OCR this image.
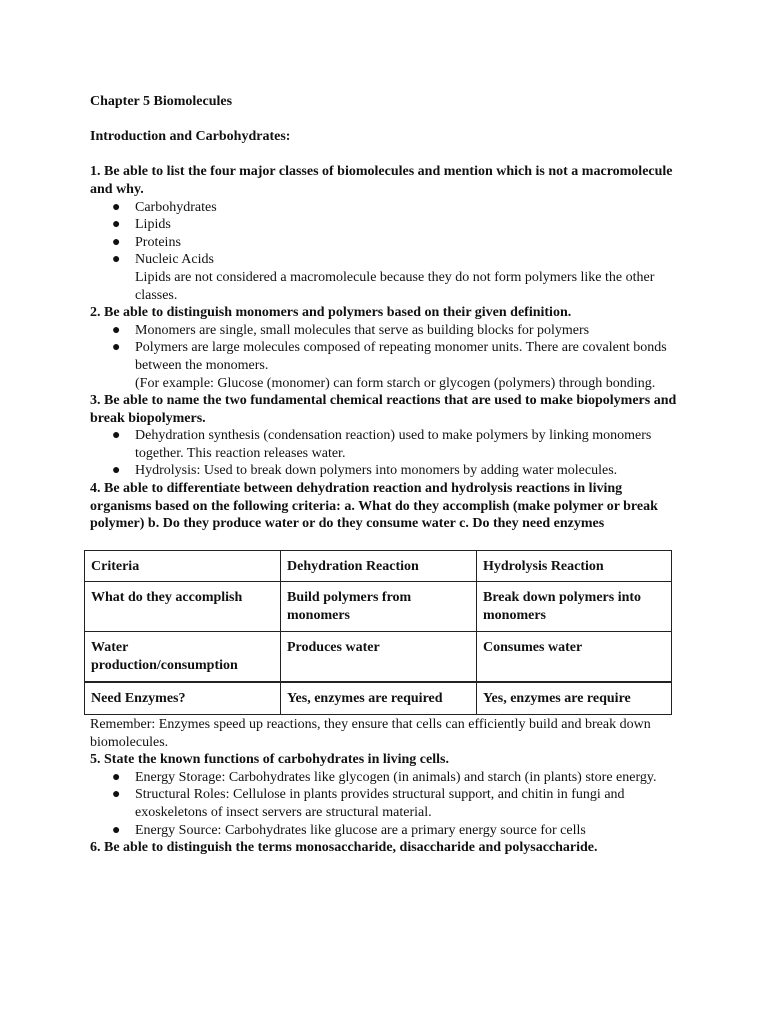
Chapter 5 Biomolecules

Introduction and Carbohydrates:

1. Be able to list the four major classes of biomolecules and mention which is not a macromolecule and why.

● Carbohydrates
● Lipids
● Proteins
● Nucleic Acids

Lipids are not considered a macromolecule because they do not form polymers like the other classes.

2. Be able to distinguish monomers and polymers based on their given definition.

● Monomers are single, small molecules that serve as building blocks for polymers
● Polymers are large molecules composed of repeating monomer units. There are covalent bonds between the monomers.

(For example: Glucose (monomer) can form starch or glycogen (polymers) through bonding.

3. Be able to name the two fundamental chemical reactions that are used to make biopolymers and break biopolymers.

● Dehydration synthesis (condensation reaction) used to make polymers by linking monomers together. This reaction releases water.
● Hydrolysis: Used to break down polymers into monomers by adding water molecules.

4. Be able to differentiate between dehydration reaction and hydrolysis reactions in living organisms based on the following criteria: a. What do they accomplish (make polymer or break polymer) b. Do they produce water or do they consume water c. Do they need enzymes

Criteria	Dehydration Reaction	Hydrolysis Reaction
What do they accomplish	Build polymers from monomers	Break down polymers into monomers
Water production/consumption	Produces water	Consumes water
Need Enzymes?	Yes, enzymes are required	Yes, enzymes are require

Remember: Enzymes speed up reactions, they ensure that cells can efficiently build and break down biomolecules.

5. State the known functions of carbohydrates in living cells.

● Energy Storage: Carbohydrates like glycogen (in animals) and starch (in plants) store energy.
● Structural Roles: Cellulose in plants provides structural support, and chitin in fungi and exoskeletons of insect servers are structural material.
● Energy Source: Carbohydrates like glucose are a primary energy source for cells

6. Be able to distinguish the terms monosaccharide, disaccharide and polysaccharide.
